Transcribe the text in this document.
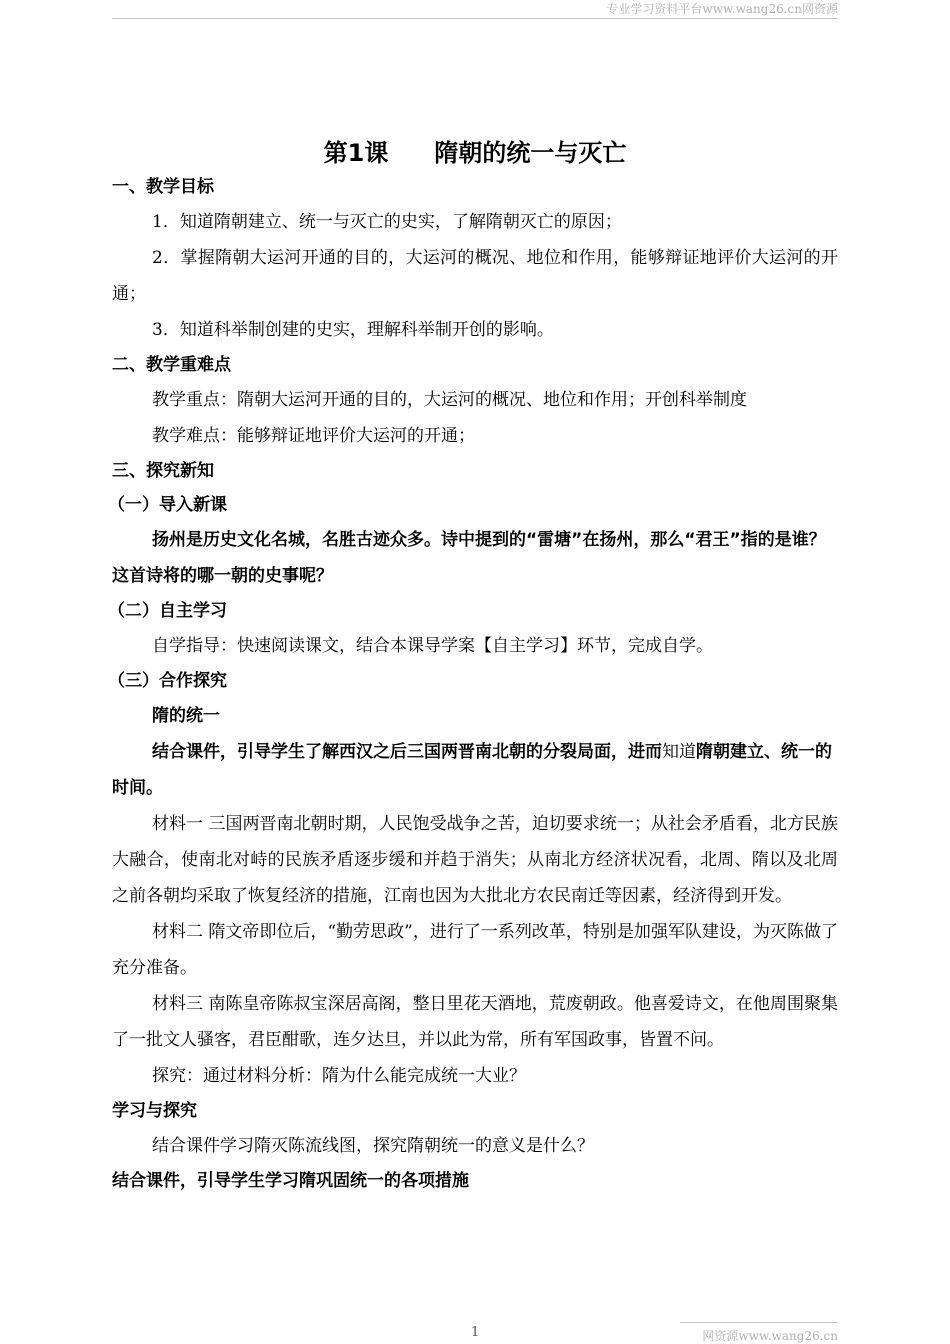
专业学习资料平台www.wang26.cn网资源
第1课 隋朝的统一与灭亡
一、教学目标
1．知道隋朝建立、统一与灭亡的史实，了解隋朝灭亡的原因；
2．掌握隋朝大运河开通的目的，大运河的概况、地位和作用，能够辩证地评价大运河的开通；
3．知道科举制创建的史实，理解科举制开创的影响。
二、教学重难点
教学重点：隋朝大运河开通的目的，大运河的概况、地位和作用；开创科举制度
教学难点：能够辩证地评价大运河的开通；
三、探究新知
（一）导入新课
扬州是历史文化名城，名胜古迹众多。诗中提到的“雷塘”在扬州，那么“君王”指的是谁？这首诗将的哪一朝的史事呢？
（二）自主学习
自学指导：快速阅读课文，结合本课导学案【自主学习】环节，完成自学。
（三）合作探究
隋的统一
结合课件，引导学生了解西汉之后三国两晋南北朝的分裂局面，进而知道隋朝建立、统一的时间。
材料一 三国两晋南北朝时期，人民饱受战争之苦，迫切要求统一；从社会矛盾看，北方民族大融合，使南北对峙的民族矛盾逐步缓和并趋于消失；从南北方经济状况看，北周、隋以及北周之前各朝均采取了恢复经济的措施，江南也因为大批北方农民南迁等因素，经济得到开发。
材料二 隋文帝即位后，“勤劳思政”，进行了一系列改革，特别是加强军队建设，为灭陈做了充分准备。
材料三 南陈皇帝陈叔宝深居高阁，整日里花天酒地，荒废朝政。他喜爱诗文，在他周围聚集了一批文人骚客，君臣酣歌，连夕达旦，并以此为常，所有军国政事，皆置不问。
探究：通过材料分析：隋为什么能完成统一大业？
学习与探究
结合课件学习隋灭陈流线图，探究隋朝统一的意义是什么？
结合课件，引导学生学习隋巩固统一的各项措施
1	网资源www.wang26.cn
